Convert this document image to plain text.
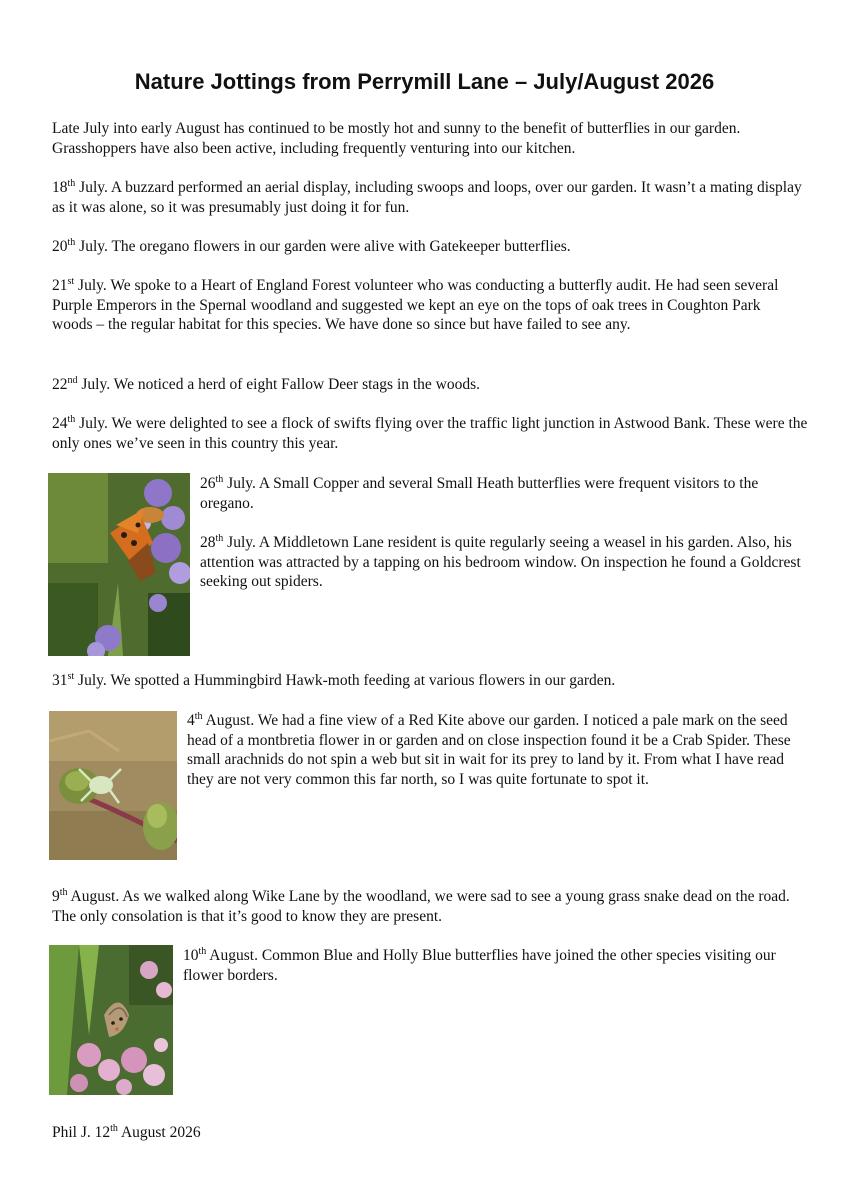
Nature Jottings from Perrymill Lane – July/August 2026

Late July into early August has continued to be mostly hot and sunny to the benefit of butterflies in our garden. Grasshoppers have also been active, including frequently venturing into our kitchen.

18th July. A buzzard performed an aerial display, including swoops and loops, over our garden. It wasn’t a mating display as it was alone, so it was presumably just doing it for fun.

20th July. The oregano flowers in our garden were alive with Gatekeeper butterflies.

21st July. We spoke to a Heart of England Forest volunteer who was conducting a butterfly audit. He had seen several Purple Emperors in the Spernal woodland and suggested we kept an eye on the tops of oak trees in Coughton Park woods – the regular habitat for this species. We have done so since but have failed to see any.

22nd July. We noticed a herd of eight Fallow Deer stags in the woods.

24th July. We were delighted to see a flock of swifts flying over the traffic light junction in Astwood Bank. These were the only ones we’ve seen in this country this year.

26th July. A Small Copper and several Small Heath butterflies were frequent visitors to the oregano.

28th July. A Middletown Lane resident is quite regularly seeing a weasel in his garden. Also, his attention was attracted by a tapping on his bedroom window. On inspection he found a Goldcrest seeking out spiders.

31st July. We spotted a Hummingbird Hawk-moth feeding at various flowers in our garden.

4th August. We had a fine view of a Red Kite above our garden. I noticed a pale mark on the seed head of a montbretia flower in or garden and on close inspection found it be a Crab Spider. These small arachnids do not spin a web but sit in wait for its prey to land by it. From what I have read they are not very common this far north, so I was quite fortunate to spot it.

9th August. As we walked along Wike Lane by the woodland, we were sad to see a young grass snake dead on the road. The only consolation is that it’s good to know they are present.

10th August. Common Blue and Holly Blue butterflies have joined the other species visiting our flower borders.

Phil J. 12th August 2026
